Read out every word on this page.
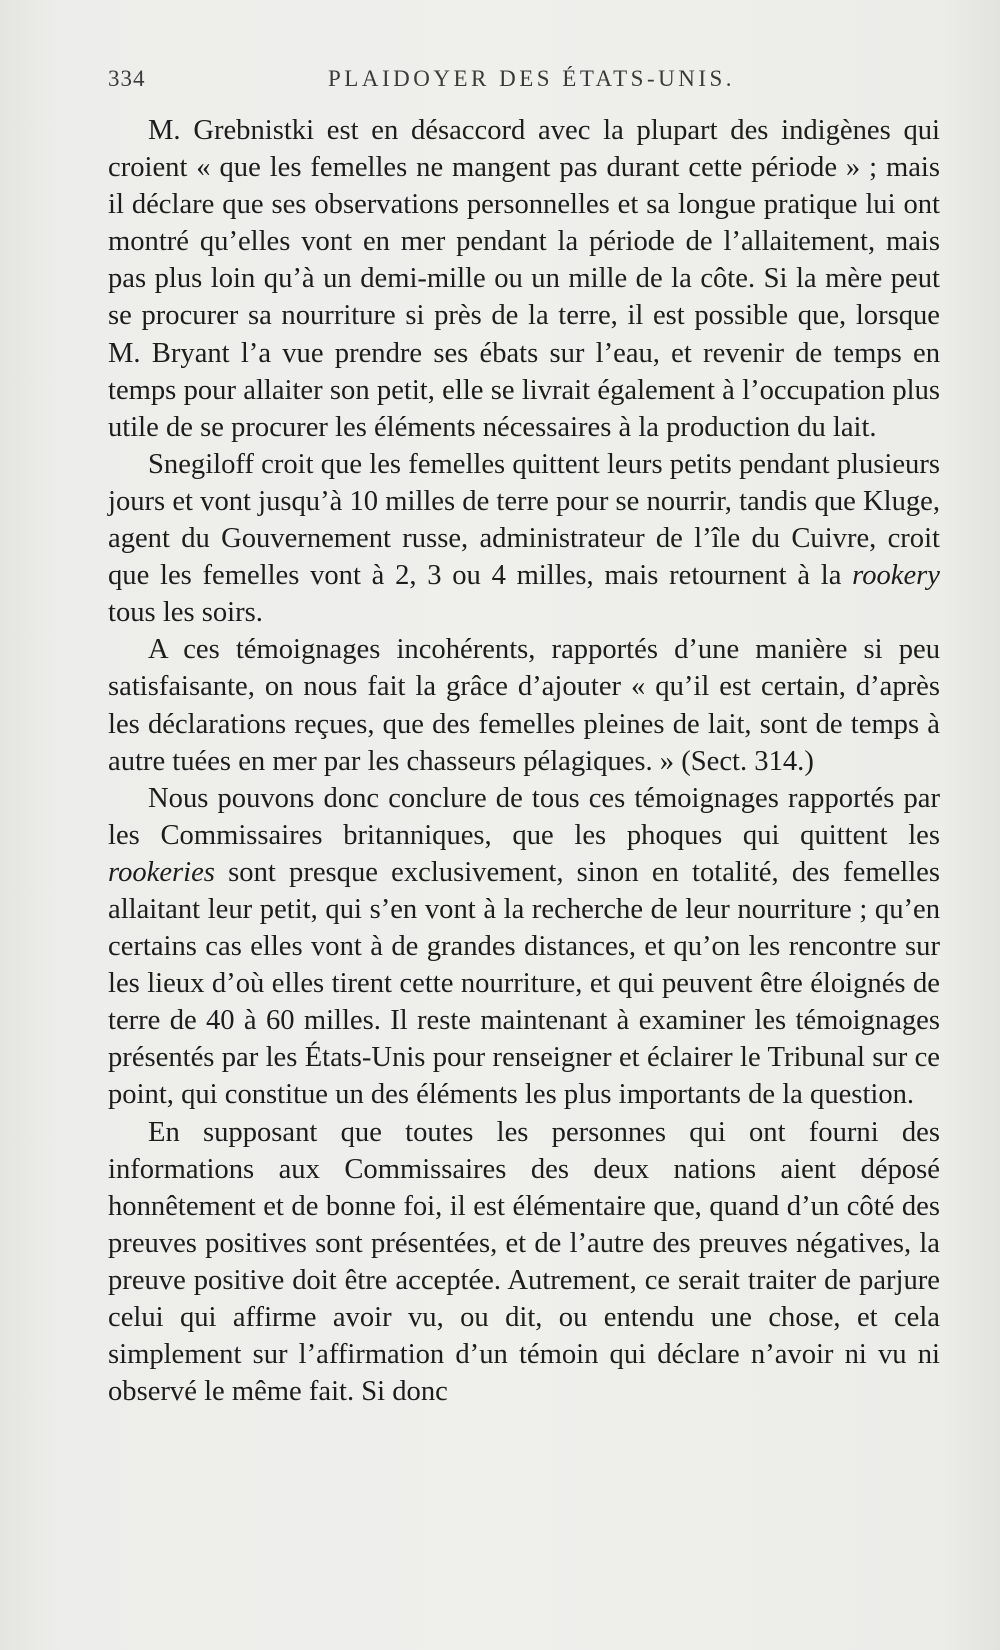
334	PLAIDOYER DES ÉTATS-UNIS.

M. Grebnistki est en désaccord avec la plupart des indigènes qui croient « que les femelles ne mangent pas durant cette période » ; mais il déclare que ses observations personnelles et sa longue pratique lui ont montré qu’elles vont en mer pendant la période de l’allaitement, mais pas plus loin qu’à un demi-mille ou un mille de la côte. Si la mère peut se procurer sa nourriture si près de la terre, il est possible que, lorsque M. Bryant l’a vue prendre ses ébats sur l’eau, et revenir de temps en temps pour allaiter son petit, elle se livrait également à l’occupation plus utile de se procurer les éléments nécessaires à la production du lait.

Snegiloff croit que les femelles quittent leurs petits pendant plusieurs jours et vont jusqu’à 10 milles de terre pour se nourrir, tandis que Kluge, agent du Gouvernement russe, administrateur de l’île du Cuivre, croit que les femelles vont à 2, 3 ou 4 milles, mais retournent à la rookery tous les soirs.

A ces témoignages incohérents, rapportés d’une manière si peu satisfaisante, on nous fait la grâce d’ajouter « qu’il est certain, d’après les déclarations reçues, que des femelles pleines de lait, sont de temps à autre tuées en mer par les chasseurs pélagiques. » (Sect. 314.)

Nous pouvons donc conclure de tous ces témoignages rapportés par les Commissaires britanniques, que les phoques qui quittent les rookeries sont presque exclusivement, sinon en totalité, des femelles allaitant leur petit, qui s’en vont à la recherche de leur nourriture ; qu’en certains cas elles vont à de grandes distances, et qu’on les rencontre sur les lieux d’où elles tirent cette nourriture, et qui peuvent être éloignés de terre de 40 à 60 milles. Il reste maintenant à examiner les témoignages présentés par les États-Unis pour renseigner et éclairer le Tribunal sur ce point, qui constitue un des éléments les plus importants de la question.

En supposant que toutes les personnes qui ont fourni des informations aux Commissaires des deux nations aient déposé honnêtement et de bonne foi, il est élémentaire que, quand d’un côté des preuves positives sont présentées, et de l’autre des preuves négatives, la preuve positive doit être acceptée. Autrement, ce serait traiter de parjure celui qui affirme avoir vu, ou dit, ou entendu une chose, et cela simplement sur l’affirmation d’un témoin qui déclare n’avoir ni vu ni observé le même fait. Si donc
